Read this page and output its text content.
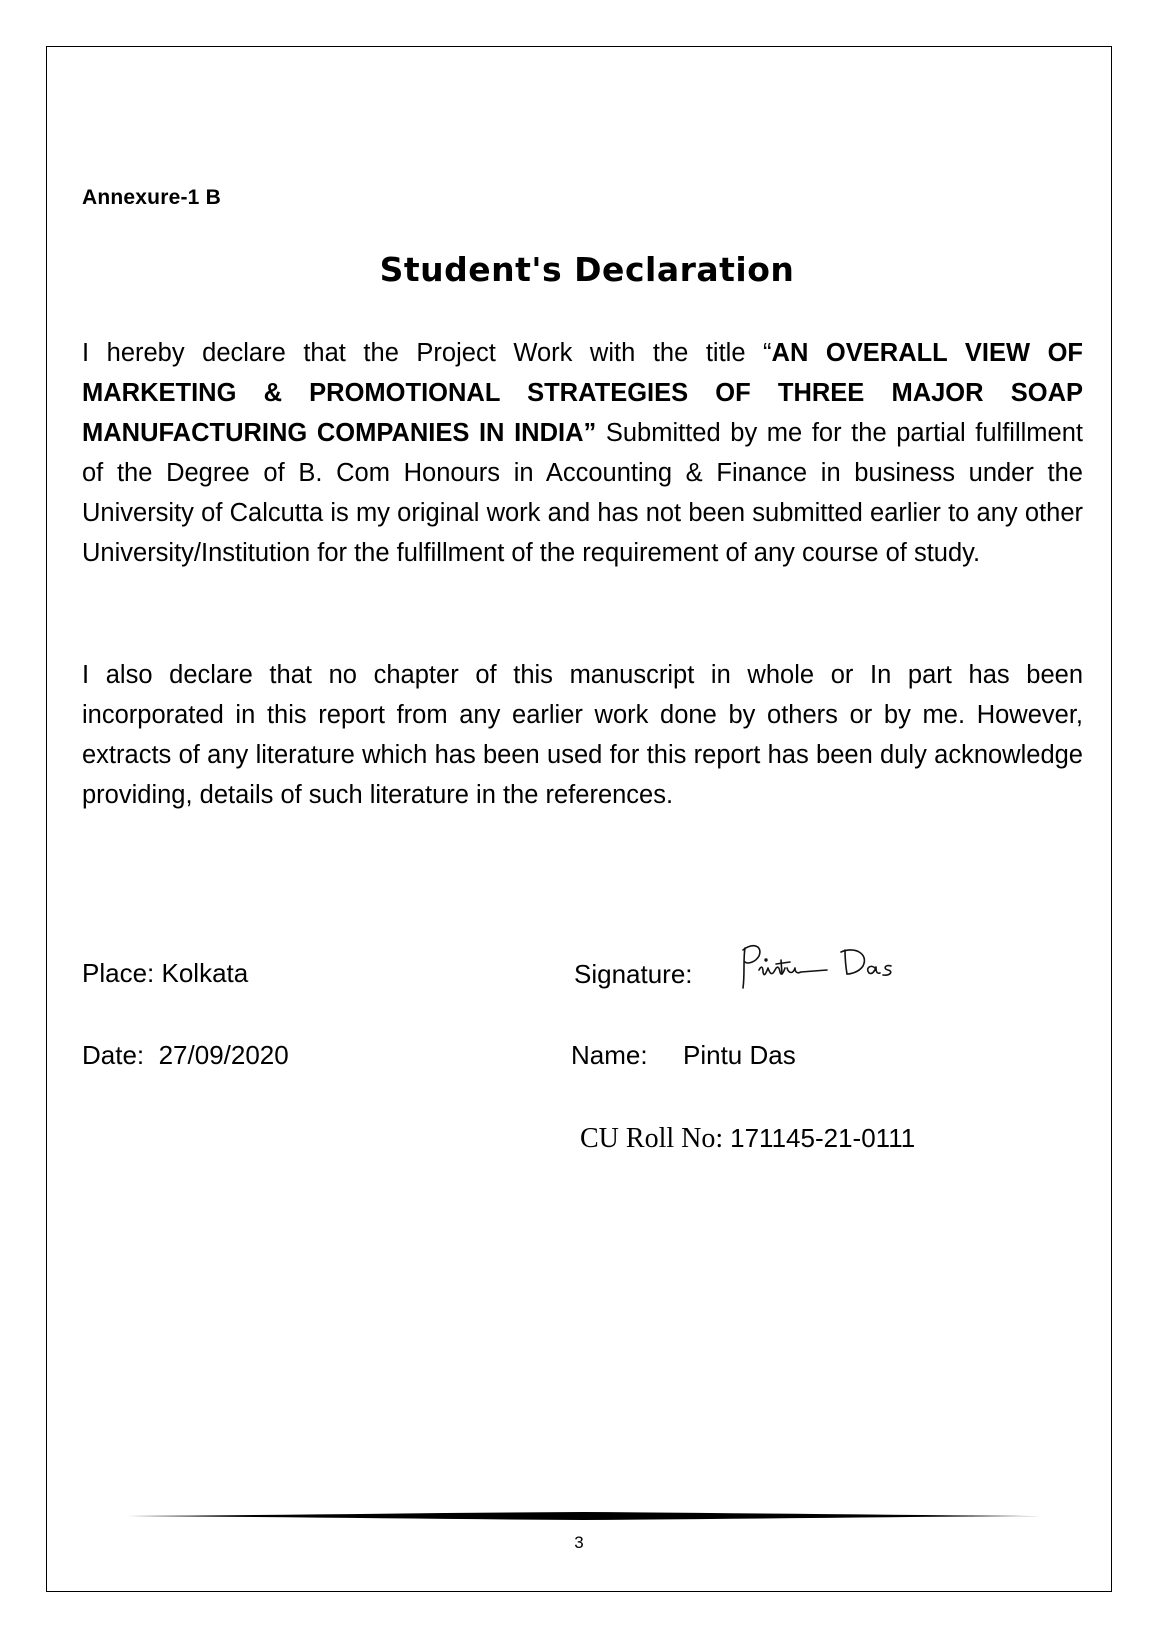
Annexure-1 B
Student's Declaration
I hereby declare that the Project Work with the title “AN OVERALL VIEW OF MARKETING & PROMOTIONAL STRATEGIES OF THREE MAJOR SOAP MANUFACTURING COMPANIES IN INDIA” Submitted by me for the partial fulfillment of the Degree of B. Com Honours in Accounting & Finance in business under the University of Calcutta is my original work and has not been submitted earlier to any other University/Institution for the fulfillment of the requirement of any course of study.
I also declare that no chapter of this manuscript in whole or In part has been incorporated in this report from any earlier work done by others or by me. However, extracts of any literature which has been used for this report has been duly acknowledge providing, details of such literature in the references.
Place: Kolkata
Date:  27/09/2020
Signature:
Name: Pintu Das
CU Roll No: 171145-21-0111
3
